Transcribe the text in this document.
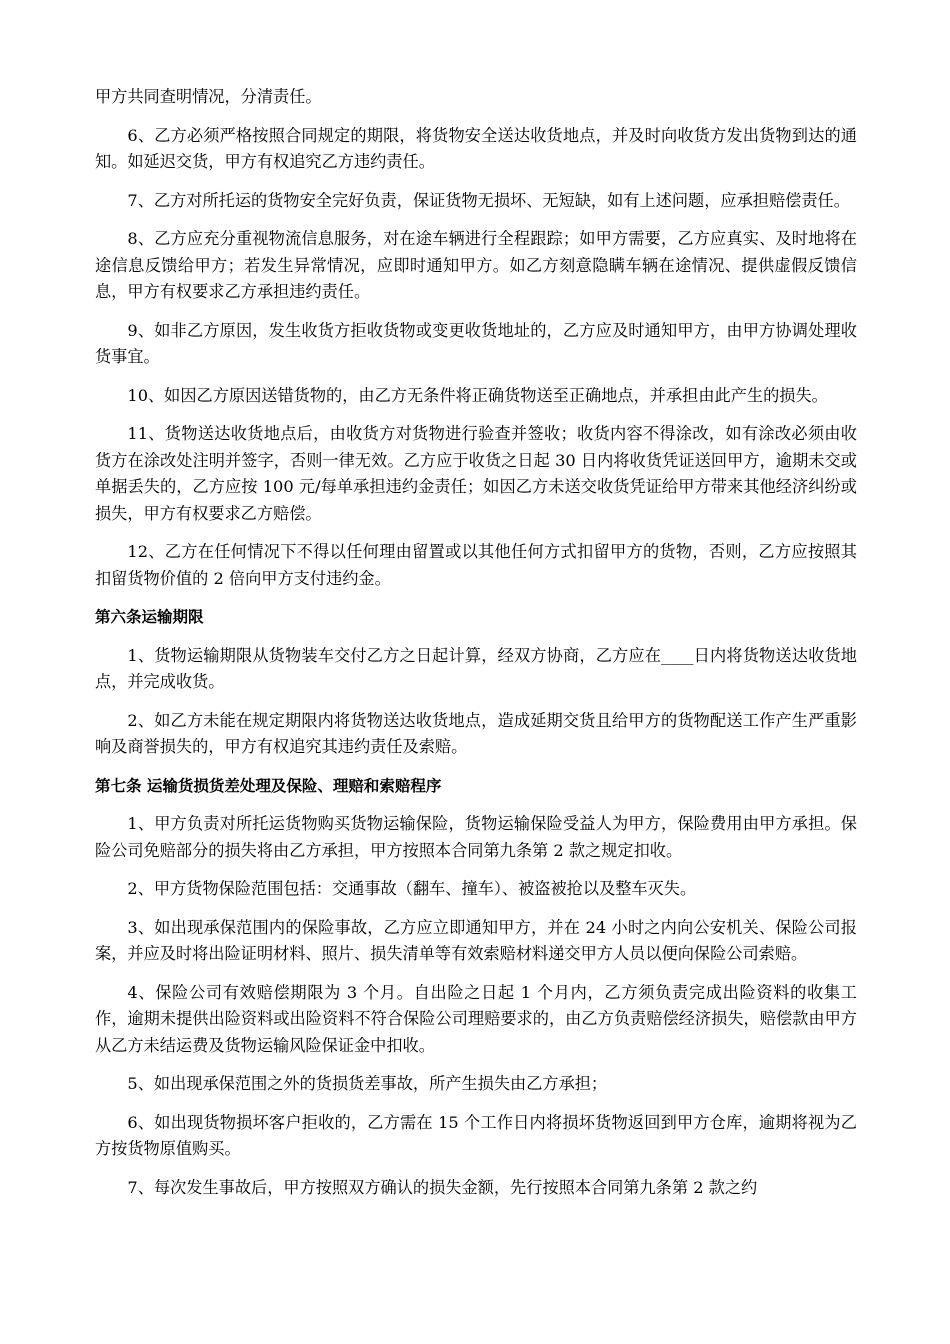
甲方共同查明情况，分清责任。

6、乙方必须严格按照合同规定的期限，将货物安全送达收货地点，并及时向收货方发出货物到达的通知。如延迟交货，甲方有权追究乙方违约责任。

7、乙方对所托运的货物安全完好负责，保证货物无损坏、无短缺，如有上述问题，应承担赔偿责任。

8、乙方应充分重视物流信息服务，对在途车辆进行全程跟踪；如甲方需要，乙方应真实、及时地将在途信息反馈给甲方；若发生异常情况，应即时通知甲方。如乙方刻意隐瞒车辆在途情况、提供虚假反馈信息，甲方有权要求乙方承担违约责任。

9、如非乙方原因，发生收货方拒收货物或变更收货地址的，乙方应及时通知甲方，由甲方协调处理收货事宜。

10、如因乙方原因送错货物的，由乙方无条件将正确货物送至正确地点，并承担由此产生的损失。

11、货物送达收货地点后，由收货方对货物进行验查并签收；收货内容不得涂改，如有涂改必须由收货方在涂改处注明并签字，否则一律无效。乙方应于收货之日起 30 日内将收货凭证送回甲方，逾期未交或单据丢失的，乙方应按 100 元/每单承担违约金责任；如因乙方未送交收货凭证给甲方带来其他经济纠纷或损失，甲方有权要求乙方赔偿。

12、乙方在任何情况下不得以任何理由留置或以其他任何方式扣留甲方的货物，否则，乙方应按照其扣留货物价值的 2 倍向甲方支付违约金。

第六条运输期限

1、货物运输期限从货物装车交付乙方之日起计算，经双方协商，乙方应在____日内将货物送达收货地点，并完成收货。

2、如乙方未能在规定期限内将货物送达收货地点，造成延期交货且给甲方的货物配送工作产生严重影响及商誉损失的，甲方有权追究其违约责任及索赔。

第七条 运输货损货差处理及保险、理赔和索赔程序

1、甲方负责对所托运货物购买货物运输保险，货物运输保险受益人为甲方，保险费用由甲方承担。保险公司免赔部分的损失将由乙方承担，甲方按照本合同第九条第 2 款之规定扣收。

2、甲方货物保险范围包括：交通事故（翻车、撞车）、被盗被抢以及整车灭失。

3、如出现承保范围内的保险事故，乙方应立即通知甲方，并在 24 小时之内向公安机关、保险公司报案，并应及时将出险证明材料、照片、损失清单等有效索赔材料递交甲方人员以便向保险公司索赔。

4、保险公司有效赔偿期限为 3 个月。自出险之日起 1 个月内，乙方须负责完成出险资料的收集工作，逾期未提供出险资料或出险资料不符合保险公司理赔要求的，由乙方负责赔偿经济损失，赔偿款由甲方从乙方未结运费及货物运输风险保证金中扣收。

5、如出现承保范围之外的货损货差事故，所产生损失由乙方承担；

6、如出现货物损坏客户拒收的，乙方需在 15 个工作日内将损坏货物返回到甲方仓库，逾期将视为乙方按货物原值购买。

7、每次发生事故后，甲方按照双方确认的损失金额，先行按照本合同第九条第 2 款之约
